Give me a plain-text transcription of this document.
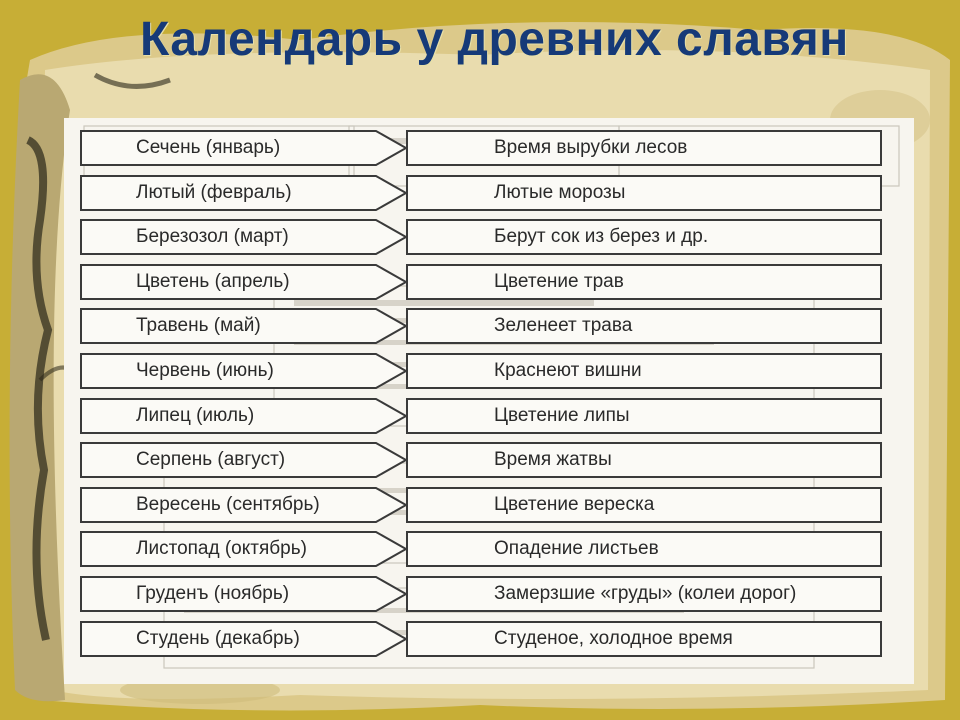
Календарь у древних славян
Сечень (январь)	Время вырубки лесов
Лютый (февраль)	Лютые морозы
Березозол (март)	Берут сок из берез и др.
Цветень (апрель)	Цветение трав
Травень (май)	Зеленеет трава
Червень (июнь)	Краснеют вишни
Липец (июль)	Цветение липы
Серпень (август)	Время жатвы
Вересень (сентябрь)	Цветение вереска
Листопад (октябрь)	Опадение листьев
Груденъ (ноябрь)	Замерзшие «груды» (колеи дорог)
Студень (декабрь)	Студеное, холодное время
